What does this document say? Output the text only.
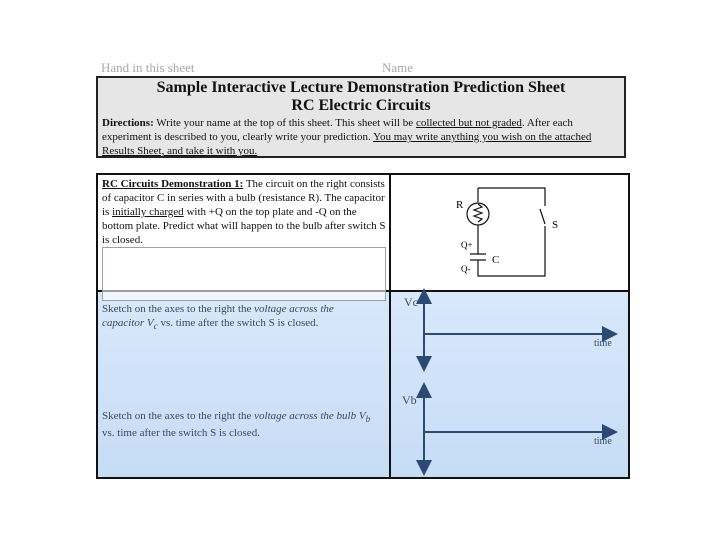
Hand in this sheet	Name
Sample Interactive Lecture Demonstration Prediction Sheet
RC Electric Circuits
Directions: Write your name at the top of this sheet. This sheet will be collected but not graded. After each experiment is described to you, clearly write your prediction. You may write anything you wish on the attached Results Sheet, and take it with you.
RC Circuits Demonstration 1: The circuit on the right consists of capacitor C in series with a bulb (resistance R). The capacitor is initially charged with +Q on the top plate and -Q on the bottom plate. Predict what will happen to the bulb after switch S is closed.
Sketch on the axes to the right the voltage across the capacitor $V_c$ vs. time after the switch S is closed.
Sketch on the axes to the right the voltage across the bulb $V_b$ vs. time after the switch S is closed.
R
S
C
Q+
Q-
Vc
Vb
time
time
